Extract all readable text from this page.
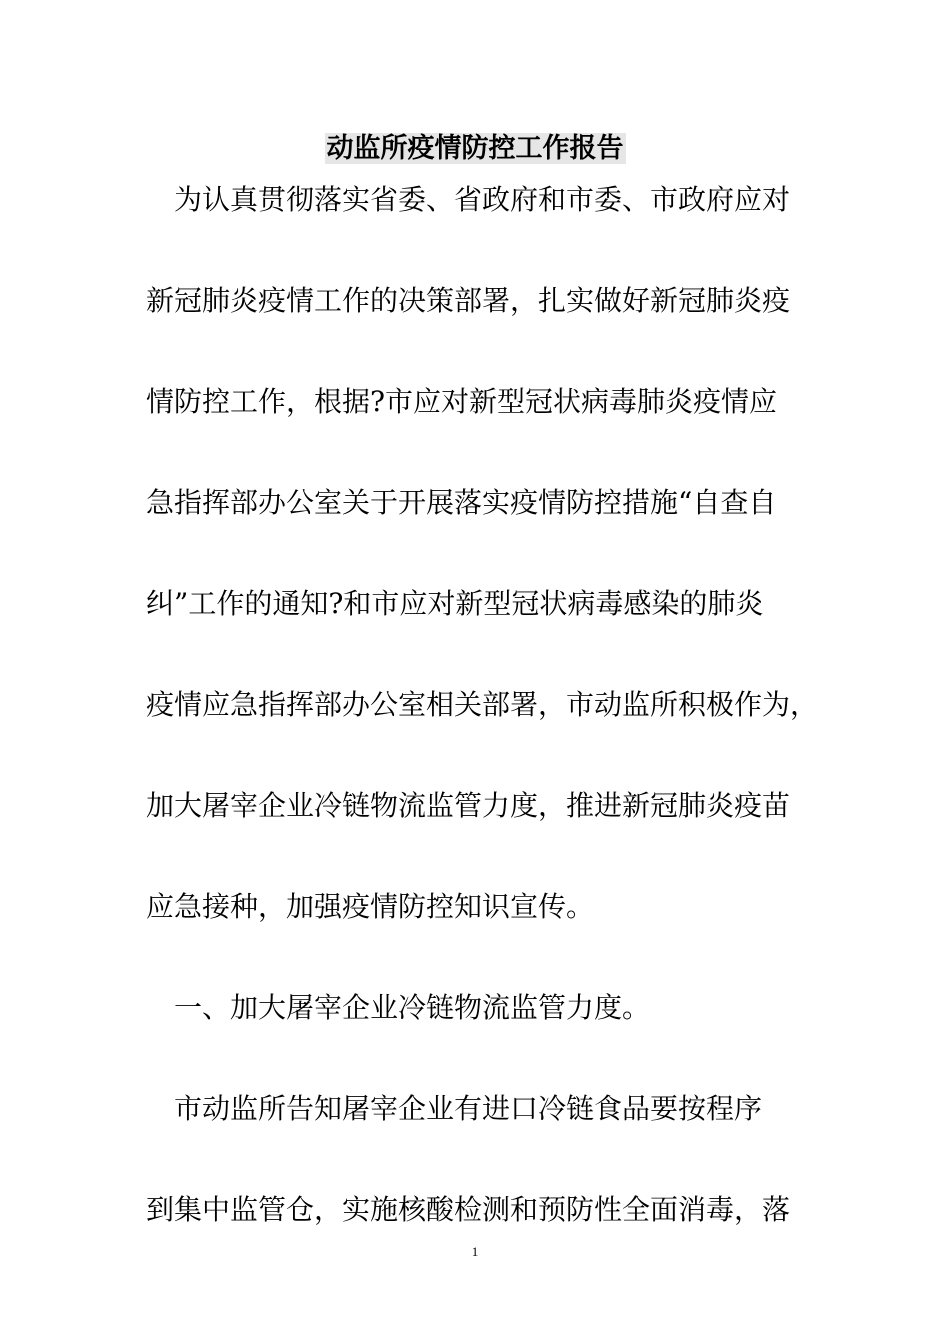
动监所疫情防控工作报告
　为认真贯彻落实省委、省政府和市委、市政府应对
新冠肺炎疫情工作的决策部署，扎实做好新冠肺炎疫
情防控工作，根据?市应对新型冠状病毒肺炎疫情应
急指挥部办公室关于开展落实疫情防控措施“自查自
纠”工作的通知?和市应对新型冠状病毒感染的肺炎
疫情应急指挥部办公室相关部署，市动监所积极作为，
加大屠宰企业冷链物流监管力度，推进新冠肺炎疫苗
应急接种，加强疫情防控知识宣传。
　一、加大屠宰企业冷链物流监管力度。
　市动监所告知屠宰企业有进口冷链食品要按程序
到集中监管仓，实施核酸检测和预防性全面消毒，落
1
